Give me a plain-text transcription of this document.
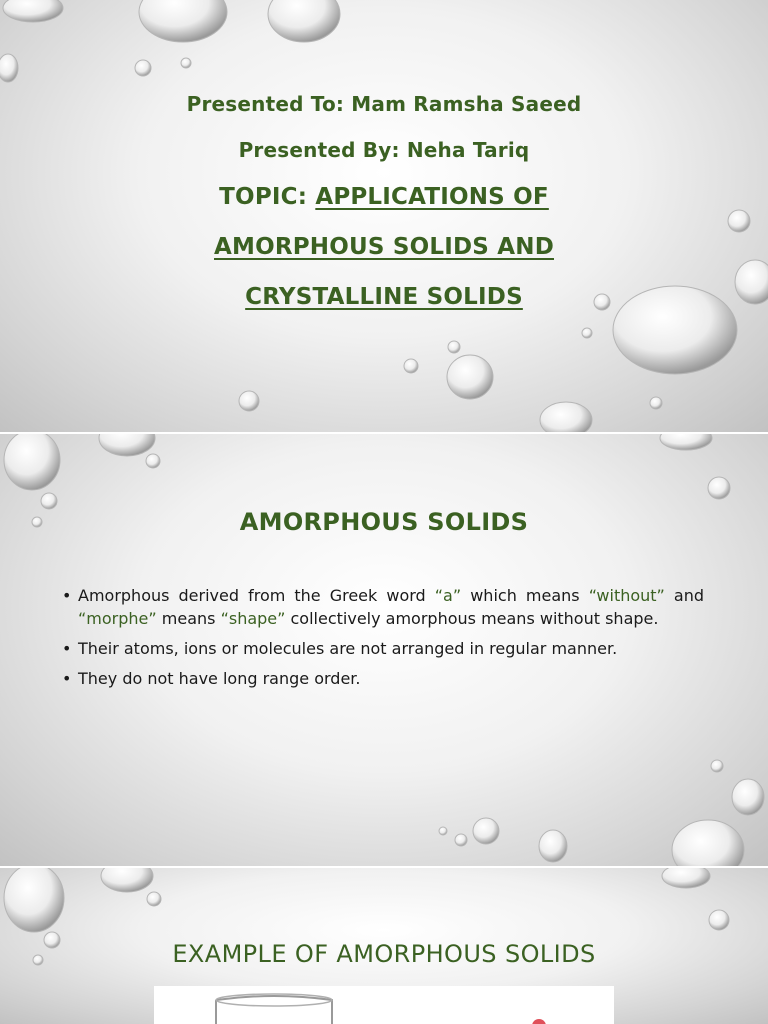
Presented To: Mam Ramsha Saeed
Presented By: Neha Tariq
TOPIC: APPLICATIONS OF
AMORPHOUS SOLIDS AND
CRYSTALLINE SOLIDS
AMORPHOUS SOLIDS
• Amorphous derived from the Greek word “a” which means “without” and “morphe” means “shape” collectively amorphous means without shape.
• Their atoms, ions or molecules are not arranged in regular manner.
• They do not have long range order.
EXAMPLE OF AMORPHOUS SOLIDS
